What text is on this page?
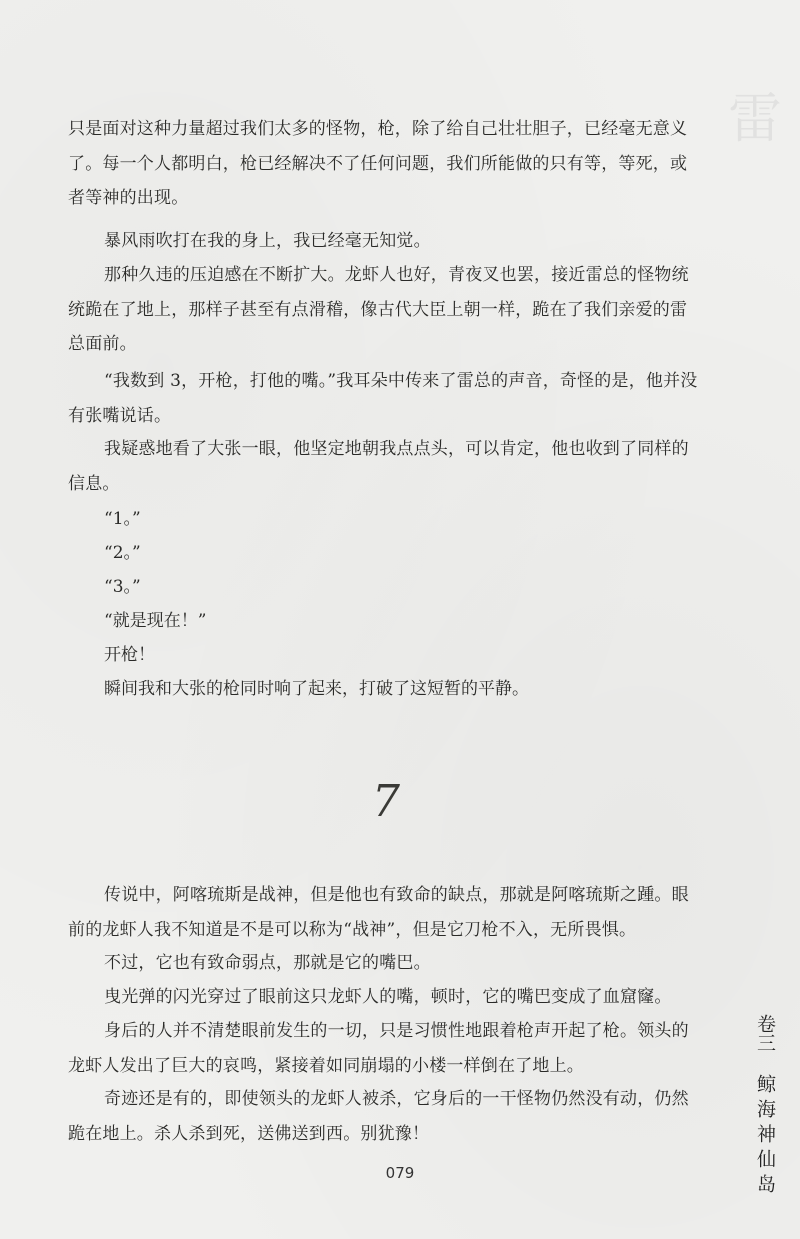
雷

只是面对这种力量超过我们太多的怪物，枪，除了给自己壮壮胆子，已经毫无意义了。每一个人都明白，枪已经解决不了任何问题，我们所能做的只有等，等死，或者等神的出现。

暴风雨吹打在我的身上，我已经毫无知觉。

那种久违的压迫感在不断扩大。龙虾人也好，青夜叉也罢，接近雷总的怪物统统跪在了地上，那样子甚至有点滑稽，像古代大臣上朝一样，跪在了我们亲爱的雷总面前。

“我数到 3，开枪，打他的嘴。”我耳朵中传来了雷总的声音，奇怪的是，他并没有张嘴说话。

我疑惑地看了大张一眼，他坚定地朝我点点头，可以肯定，他也收到了同样的信息。

“1。”

“2。”

“3。”

“就是现在！”

开枪！

瞬间我和大张的枪同时响了起来，打破了这短暂的平静。

7

传说中，阿喀琉斯是战神，但是他也有致命的缺点，那就是阿喀琉斯之踵。眼前的龙虾人我不知道是不是可以称为“战神”，但是它刀枪不入，无所畏惧。

不过，它也有致命弱点，那就是它的嘴巴。

曳光弹的闪光穿过了眼前这只龙虾人的嘴，顿时，它的嘴巴变成了血窟窿。

身后的人并不清楚眼前发生的一切，只是习惯性地跟着枪声开起了枪。领头的龙虾人发出了巨大的哀鸣，紧接着如同崩塌的小楼一样倒在了地上。

奇迹还是有的，即使领头的龙虾人被杀，它身后的一干怪物仍然没有动，仍然跪在地上。杀人杀到死，送佛送到西。别犹豫！

卷三 鲸海神仙岛
079
